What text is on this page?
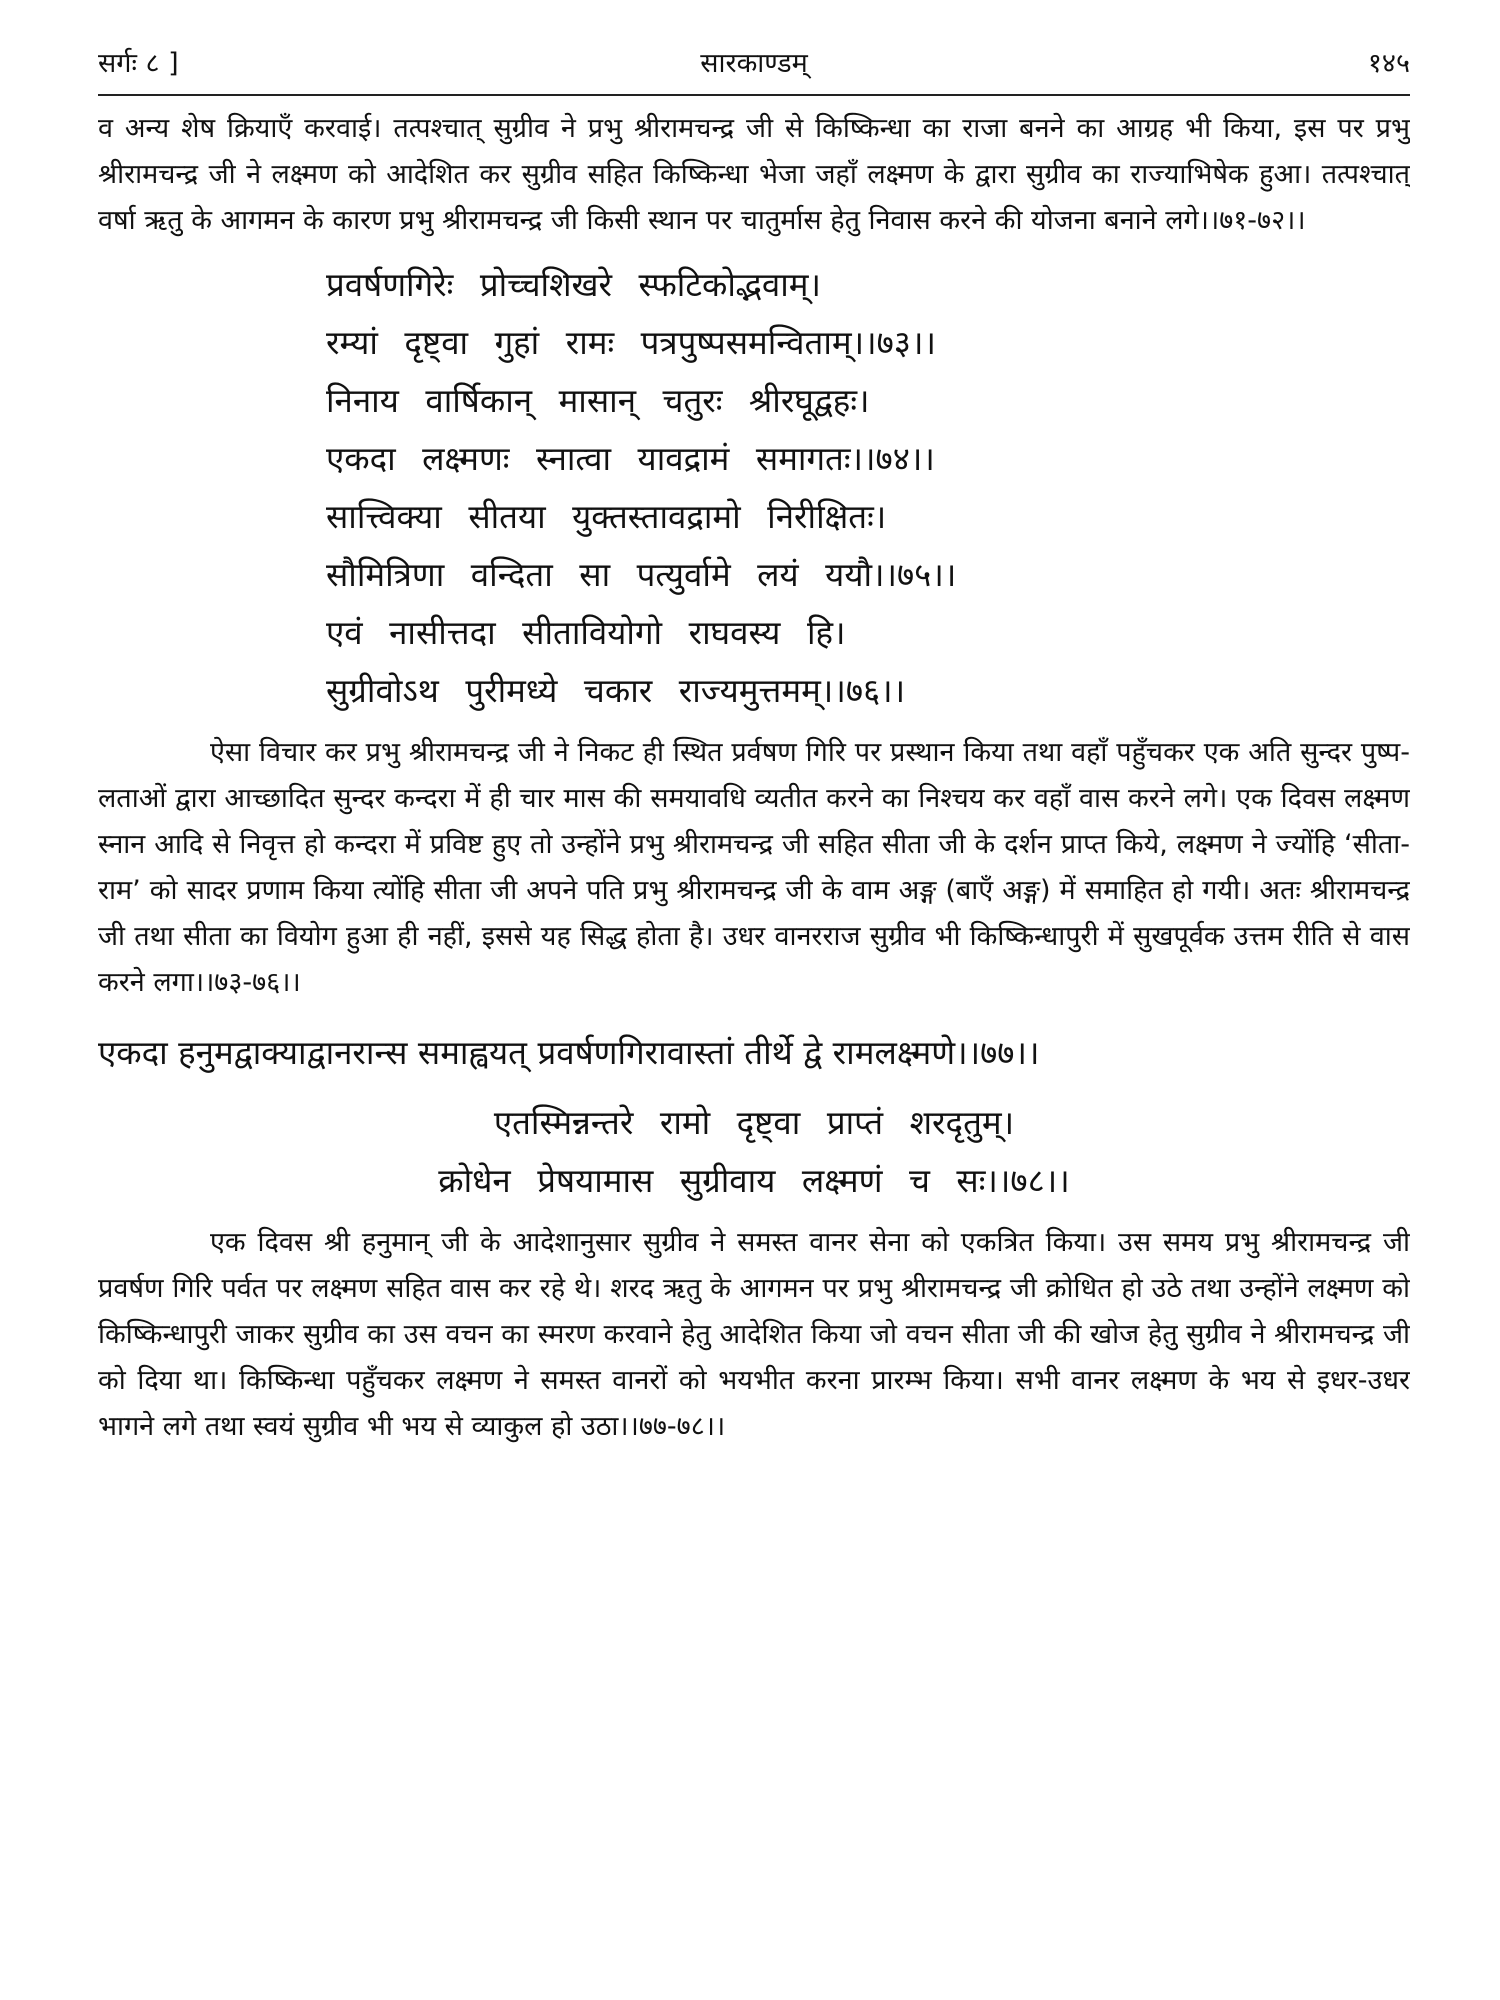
सर्गः ८ ]	सारकाण्डम्	१४५

व अन्य शेष क्रियाएँ करवाई। तत्पश्चात् सुग्रीव ने प्रभु श्रीरामचन्द्र जी से किष्किन्धा का राजा बनने का आग्रह भी किया, इस पर प्रभु श्रीरामचन्द्र जी ने लक्ष्मण को आदेशित कर सुग्रीव सहित किष्किन्धा भेजा जहाँ लक्ष्मण के द्वारा सुग्रीव का राज्याभिषेक हुआ। तत्पश्चात् वर्षा ऋतु के आगमन के कारण प्रभु श्रीरामचन्द्र जी किसी स्थान पर चातुर्मास हेतु निवास करने की योजना बनाने लगे।।७१-७२।।

प्रवर्षणगिरेः प्रोच्चशिखरे स्फटिकोद्भवाम्।
रम्यां दृष्ट्वा गुहां रामः पत्रपुष्पसमन्विताम्।।७३।।
निनाय वार्षिकान् मासान् चतुरः श्रीरघूद्वहः।
एकदा लक्ष्मणः स्नात्वा यावद्रामं समागतः।।७४।।
सात्त्विक्या सीतया युक्तस्तावद्रामो निरीक्षितः।
सौमित्रिणा वन्दिता सा पत्युर्वामे लयं ययौ।।७५।।
एवं नासीत्तदा सीतावियोगो राघवस्य हि।
सुग्रीवोऽथ पुरीमध्ये चकार राज्यमुत्तमम्।।७६।।

ऐसा विचार कर प्रभु श्रीरामचन्द्र जी ने निकट ही स्थित प्रर्वषण गिरि पर प्रस्थान किया तथा वहाँ पहुँचकर एक अति सुन्दर पुष्प-लताओं द्वारा आच्छादित सुन्दर कन्दरा में ही चार मास की समयावधि व्यतीत करने का निश्चय कर वहाँ वास करने लगे। एक दिवस लक्ष्मण स्नान आदि से निवृत्त हो कन्दरा में प्रविष्ट हुए तो उन्होंने प्रभु श्रीरामचन्द्र जी सहित सीता जी के दर्शन प्राप्त किये, लक्ष्मण ने ज्योंहि ‘सीता-राम’ को सादर प्रणाम किया त्योंहि सीता जी अपने पति प्रभु श्रीरामचन्द्र जी के वाम अङ्ग (बाएँ अङ्ग) में समाहित हो गयी। अतः श्रीरामचन्द्र जी तथा सीता का वियोग हुआ ही नहीं, इससे यह सिद्ध होता है। उधर वानरराज सुग्रीव भी किष्किन्धापुरी में सुखपूर्वक उत्तम रीति से वास करने लगा।।७३-७६।।

एकदा हनुमद्वाक्याद्वानरान्स समाह्वयत् प्रवर्षणगिरावास्तां तीर्थे द्वे रामलक्ष्मणे।।७७।।
एतस्मिन्नन्तरे रामो दृष्ट्वा प्राप्तं शरदृतुम्।
क्रोधेन प्रेषयामास सुग्रीवाय लक्ष्मणं च सः।।७८।।

एक दिवस श्री हनुमान् जी के आदेशानुसार सुग्रीव ने समस्त वानर सेना को एकत्रित किया। उस समय प्रभु श्रीरामचन्द्र जी प्रवर्षण गिरि पर्वत पर लक्ष्मण सहित वास कर रहे थे। शरद ऋतु के आगमन पर प्रभु श्रीरामचन्द्र जी क्रोधित हो उठे तथा उन्होंने लक्ष्मण को किष्किन्धापुरी जाकर सुग्रीव का उस वचन का स्मरण करवाने हेतु आदेशित किया जो वचन सीता जी की खोज हेतु सुग्रीव ने श्रीरामचन्द्र जी को दिया था। किष्किन्धा पहुँचकर लक्ष्मण ने समस्त वानरों को भयभीत करना प्रारम्भ किया। सभी वानर लक्ष्मण के भय से इधर-उधर भागने लगे तथा स्वयं सुग्रीव भी भय से व्याकुल हो उठा।।७७-७८।।
